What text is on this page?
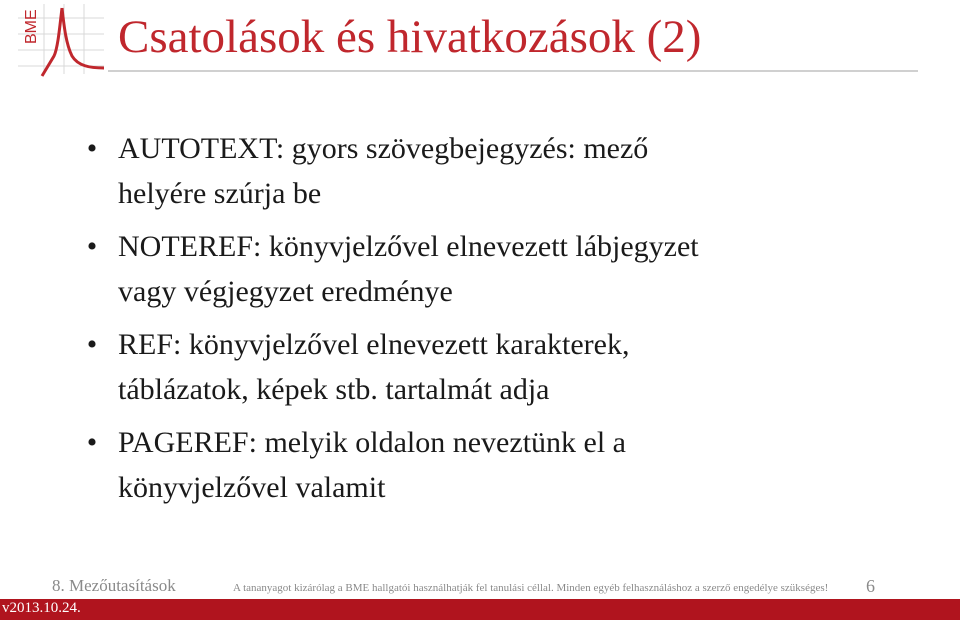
BME Csatolások és hivatkozások (2)
• AUTOTEXT: gyors szövegbejegyzés: mező
helyére szúrja be
• NOTEREF: könyvjelzővel elnevezett lábjegyzet
vagy végjegyzet eredménye
• REF: könyvjelzővel elnevezett karakterek,
táblázatok, képek stb. tartalmát adja
• PAGEREF: melyik oldalon neveztünk el a
könyvjelzővel valamit
8. Mezőutasítások	A tananyagot kizárólag a BME hallgatói használhatják fel tanulási céllal. Minden egyéb felhasználáshoz a szerző engedélye szükséges! 6
v2013.10.24.
